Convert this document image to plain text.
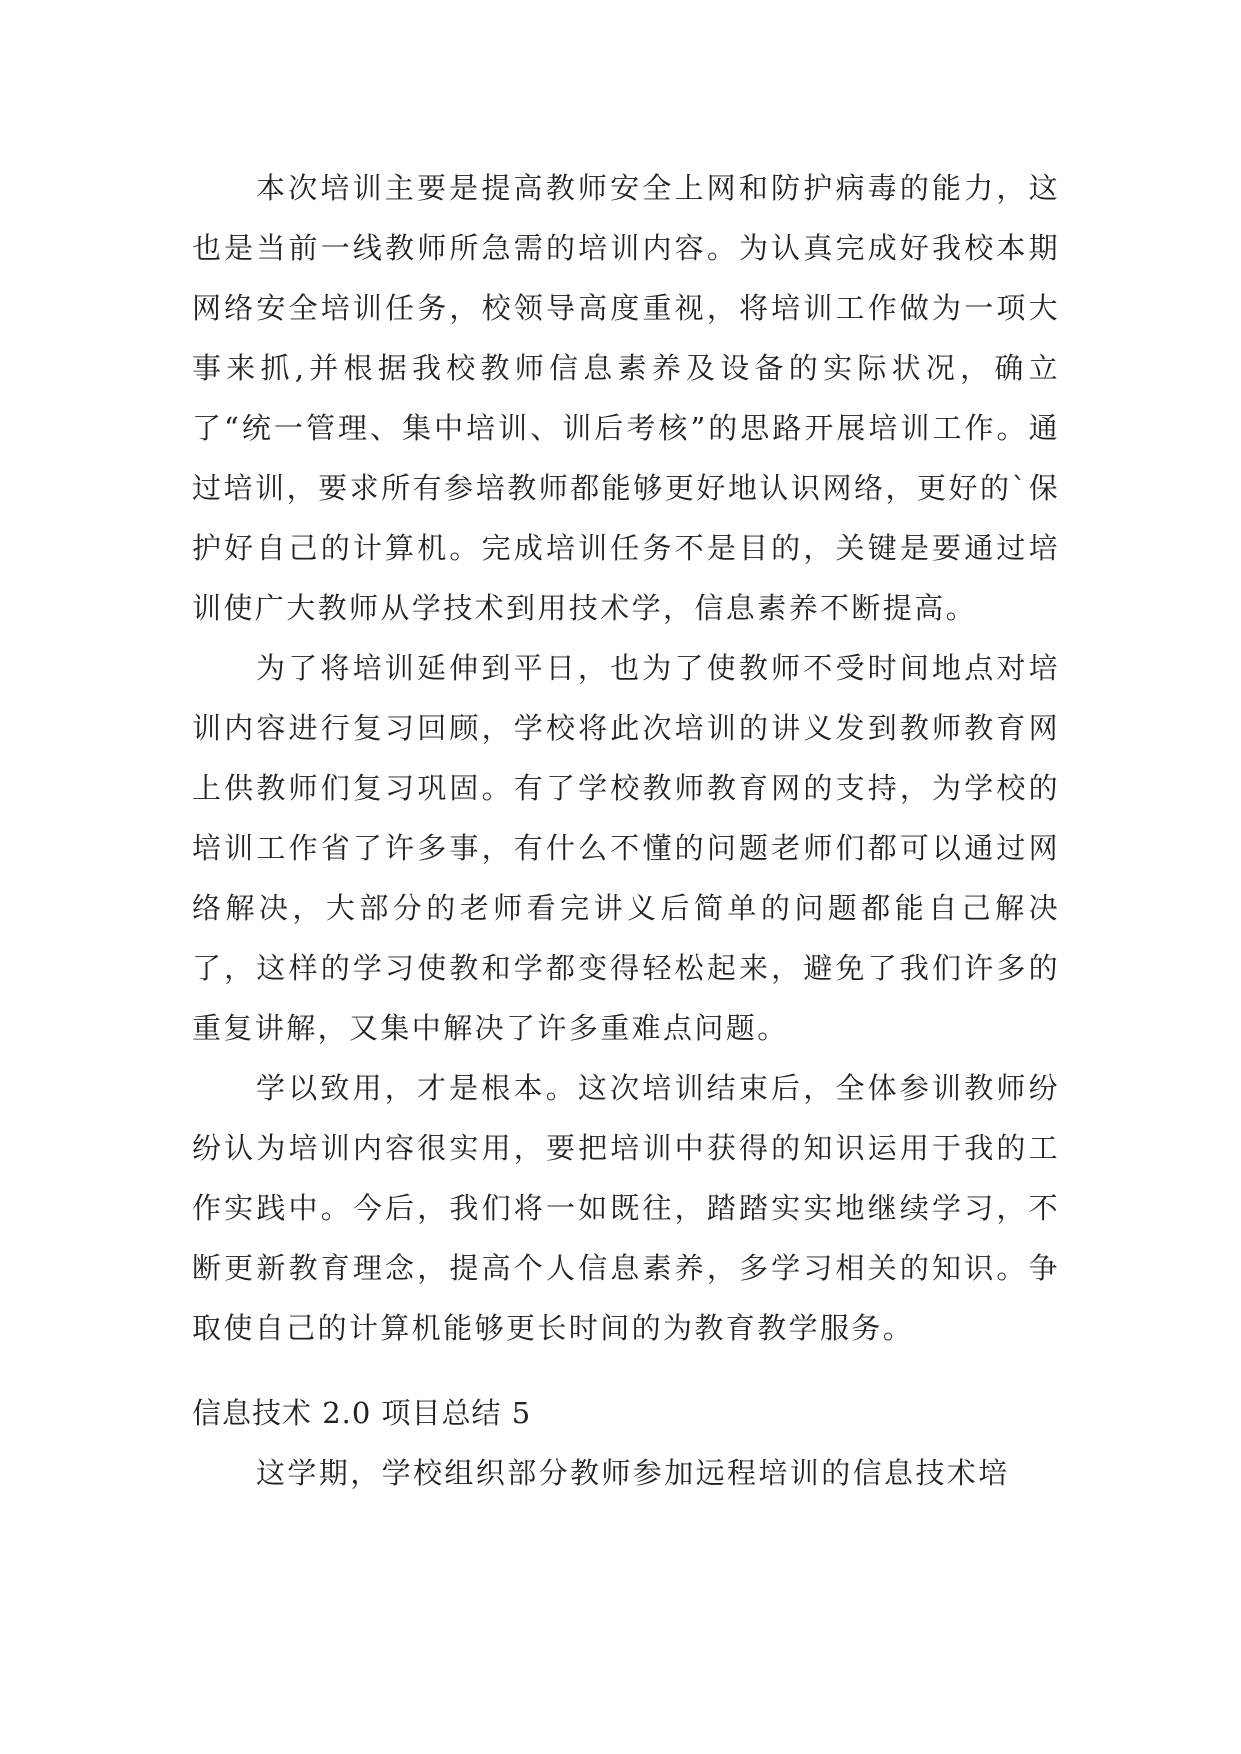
本次培训主要是提高教师安全上网和防护病毒的能力，这也是当前一线教师所急需的培训内容。为认真完成好我校本期网络安全培训任务，校领导高度重视，将培训工作做为一项大事来抓,并根据我校教师信息素养及设备的实际状况，确立了“统一管理、集中培训、训后考核”的思路开展培训工作。通过培训，要求所有参培教师都能够更好地认识网络，更好的`保护好自己的计算机。完成培训任务不是目的，关键是要通过培训使广大教师从学技术到用技术学，信息素养不断提高。

为了将培训延伸到平日，也为了使教师不受时间地点对培训内容进行复习回顾，学校将此次培训的讲义发到教师教育网上供教师们复习巩固。有了学校教师教育网的支持，为学校的培训工作省了许多事，有什么不懂的问题老师们都可以通过网络解决，大部分的老师看完讲义后简单的问题都能自己解决了，这样的学习使教和学都变得轻松起来，避免了我们许多的重复讲解，又集中解决了许多重难点问题。

学以致用，才是根本。这次培训结束后，全体参训教师纷纷认为培训内容很实用，要把培训中获得的知识运用于我的工作实践中。今后，我们将一如既往，踏踏实实地继续学习，不断更新教育理念，提高个人信息素养，多学习相关的知识。争取使自己的计算机能够更长时间的为教育教学服务。

信息技术 2.0 项目总结 5

这学期，学校组织部分教师参加远程培训的信息技术培
